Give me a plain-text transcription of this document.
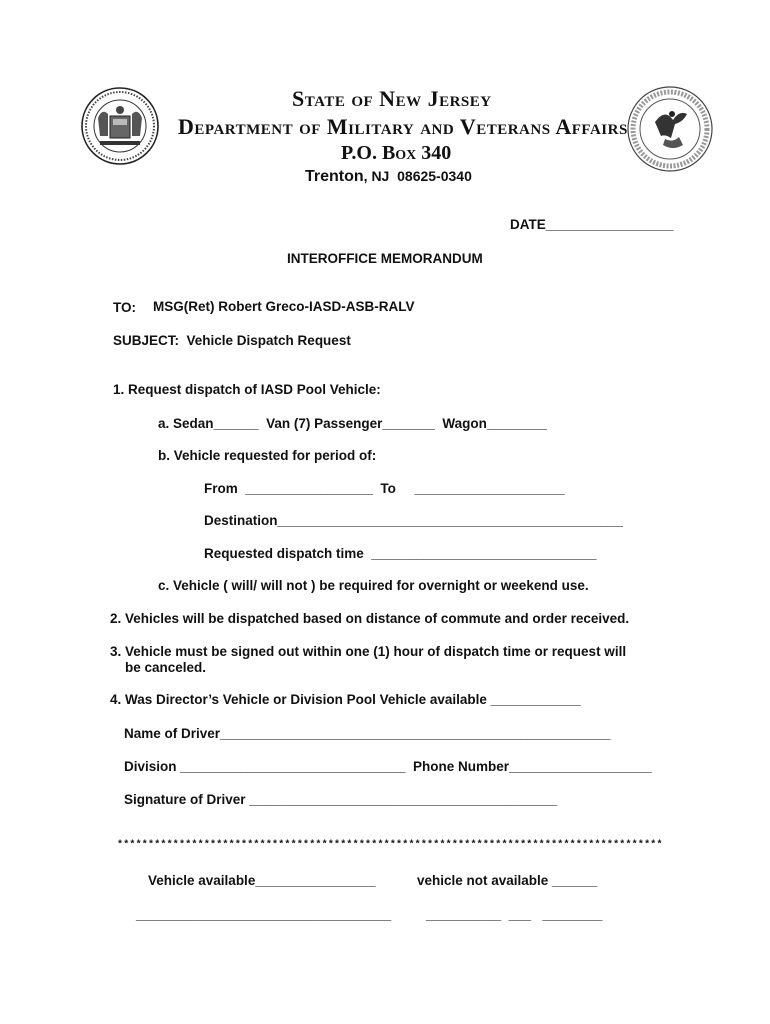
State of New Jersey
Department of Military and Veterans Affairs
P.O. Box 340
Trenton, NJ  08625-0340
DATE_________________
INTEROFFICE MEMORANDUM
TO: MSG(Ret) Robert Greco-IASD-ASB-RALV
SUBJECT:  Vehicle Dispatch Request
1. Request dispatch of IASD Pool Vehicle:
a. Sedan______  Van (7) Passenger_______  Wagon________
b. Vehicle requested for period of:
From  _________________  To     ____________________
Destination______________________________________________
Requested dispatch time  ______________________________
c. Vehicle ( will/ will not ) be required for overnight or weekend use.
2. Vehicles will be dispatched based on distance of commute and order received.
3. Vehicle must be signed out within one (1) hour of dispatch time or request will
be canceled.
4. Was Director’s Vehicle or Division Pool Vehicle available ____________
Name of Driver____________________________________________________
Division ______________________________  Phone Number___________________
Signature of Driver _________________________________________
****************************************************************************************
Vehicle available________________	vehicle not available ______
__________________________________	__________  ___   ________
